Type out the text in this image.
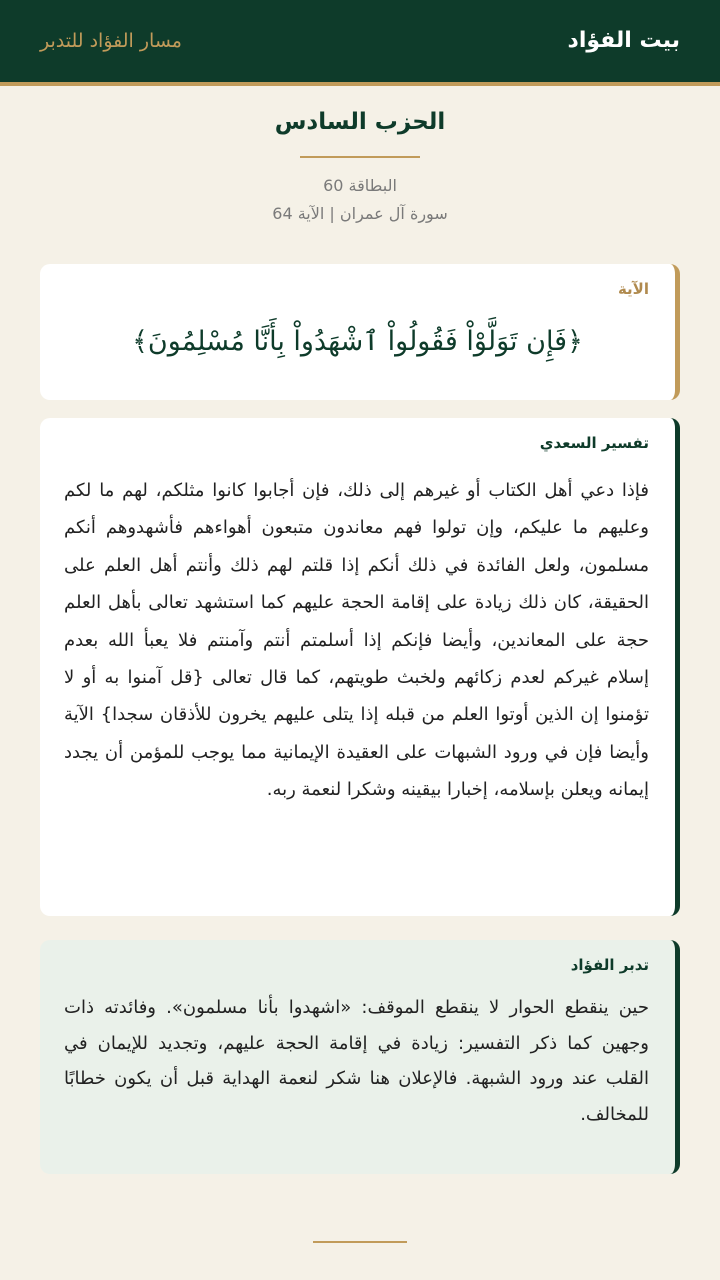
بيت الفؤاد
مسار الفؤاد للتدبر
الحزب السادس
البطاقة 60
سورة آل عمران | الآية 64
الآية
﴿فَإِن تَوَلَّوْاْ فَقُولُواْ ٱشْهَدُواْ بِأَنَّا مُسْلِمُونَ﴾
تفسير السعدي
فإذا دعي أهل الكتاب أو غيرهم إلى ذلك، فإن أجابوا كانوا مثلكم، لهم ما لكم وعليهم ما عليكم، وإن تولوا فهم معاندون متبعون أهواءهم فأشهدوهم أنكم مسلمون، ولعل الفائدة في ذلك أنكم إذا قلتم لهم ذلك وأنتم أهل العلم على الحقيقة، كان ذلك زيادة على إقامة الحجة عليهم كما استشهد تعالى بأهل العلم حجة على المعاندين، وأيضا فإنكم إذا أسلمتم أنتم وآمنتم فلا يعبأ الله بعدم إسلام غيركم لعدم زكائهم ولخبث طويتهم، كما قال تعالى {قل آمنوا به أو لا تؤمنوا إن الذين أوتوا العلم من قبله إذا يتلى عليهم يخرون للأذقان سجدا} الآية وأيضا فإن في ورود الشبهات على العقيدة الإيمانية مما يوجب للمؤمن أن يجدد إيمانه ويعلن بإسلامه، إخبارا بيقينه وشكرا لنعمة ربه.
تدبر الفؤاد
حين ينقطع الحوار لا ينقطع الموقف: «اشهدوا بأنا مسلمون». وفائدته ذات وجهين كما ذكر التفسير: زيادة في إقامة الحجة عليهم، وتجديد للإيمان في القلب عند ورود الشبهة. فالإعلان هنا شكر لنعمة الهداية قبل أن يكون خطابًا للمخالف.
